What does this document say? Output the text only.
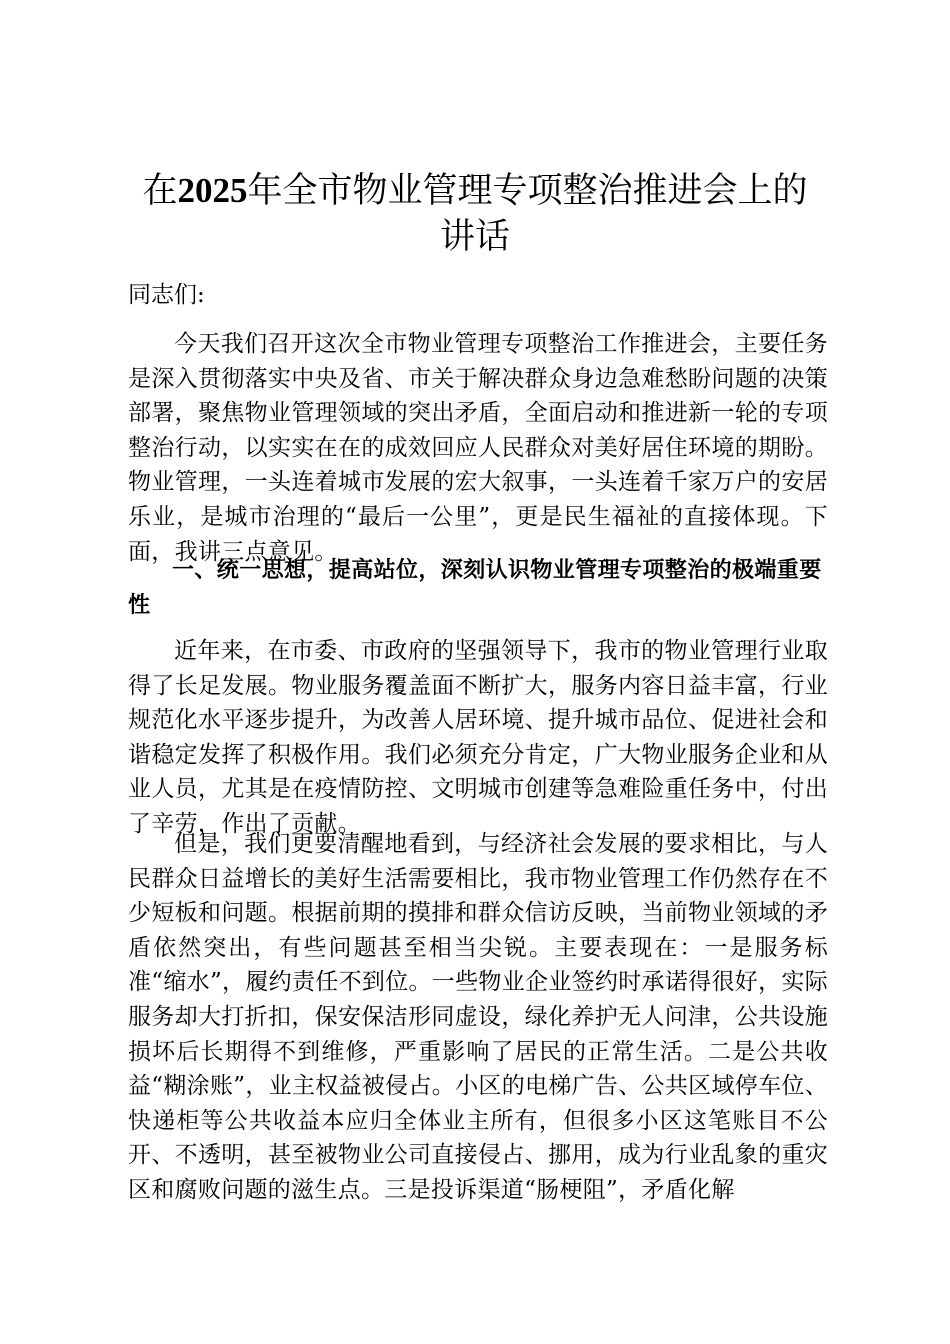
在2025年全市物业管理专项整治推进会上的讲话

同志们:

今天我们召开这次全市物业管理专项整治工作推进会，主要任务是深入贯彻落实中央及省、市关于解决群众身边急难愁盼问题的决策部署，聚焦物业管理领域的突出矛盾，全面启动和推进新一轮的专项整治行动，以实实在在的成效回应人民群众对美好居住环境的期盼。物业管理，一头连着城市发展的宏大叙事，一头连着千家万户的安居乐业，是城市治理的“最后一公里”，更是民生福祉的直接体现。下面，我讲三点意见。

一、统一思想，提高站位，深刻认识物业管理专项整治的极端重要性

近年来，在市委、市政府的坚强领导下，我市的物业管理行业取得了长足发展。物业服务覆盖面不断扩大，服务内容日益丰富，行业规范化水平逐步提升，为改善人居环境、提升城市品位、促进社会和谐稳定发挥了积极作用。我们必须充分肯定，广大物业服务企业和从业人员，尤其是在疫情防控、文明城市创建等急难险重任务中，付出了辛劳，作出了贡献。

但是，我们更要清醒地看到，与经济社会发展的要求相比，与人民群众日益增长的美好生活需要相比，我市物业管理工作仍然存在不少短板和问题。根据前期的摸排和群众信访反映，当前物业领域的矛盾依然突出，有些问题甚至相当尖锐。主要表现在：一是服务标准“缩水”，履约责任不到位。一些物业企业签约时承诺得很好，实际服务却大打折扣，保安保洁形同虚设，绿化养护无人问津，公共设施损坏后长期得不到维修，严重影响了居民的正常生活。二是公共收益“糊涂账”，业主权益被侵占。小区的电梯广告、公共区域停车位、快递柜等公共收益本应归全体业主所有，但很多小区这笔账目不公开、不透明，甚至被物业公司直接侵占、挪用，成为行业乱象的重灾区和腐败问题的滋生点。三是投诉渠道“肠梗阻”，矛盾化解
